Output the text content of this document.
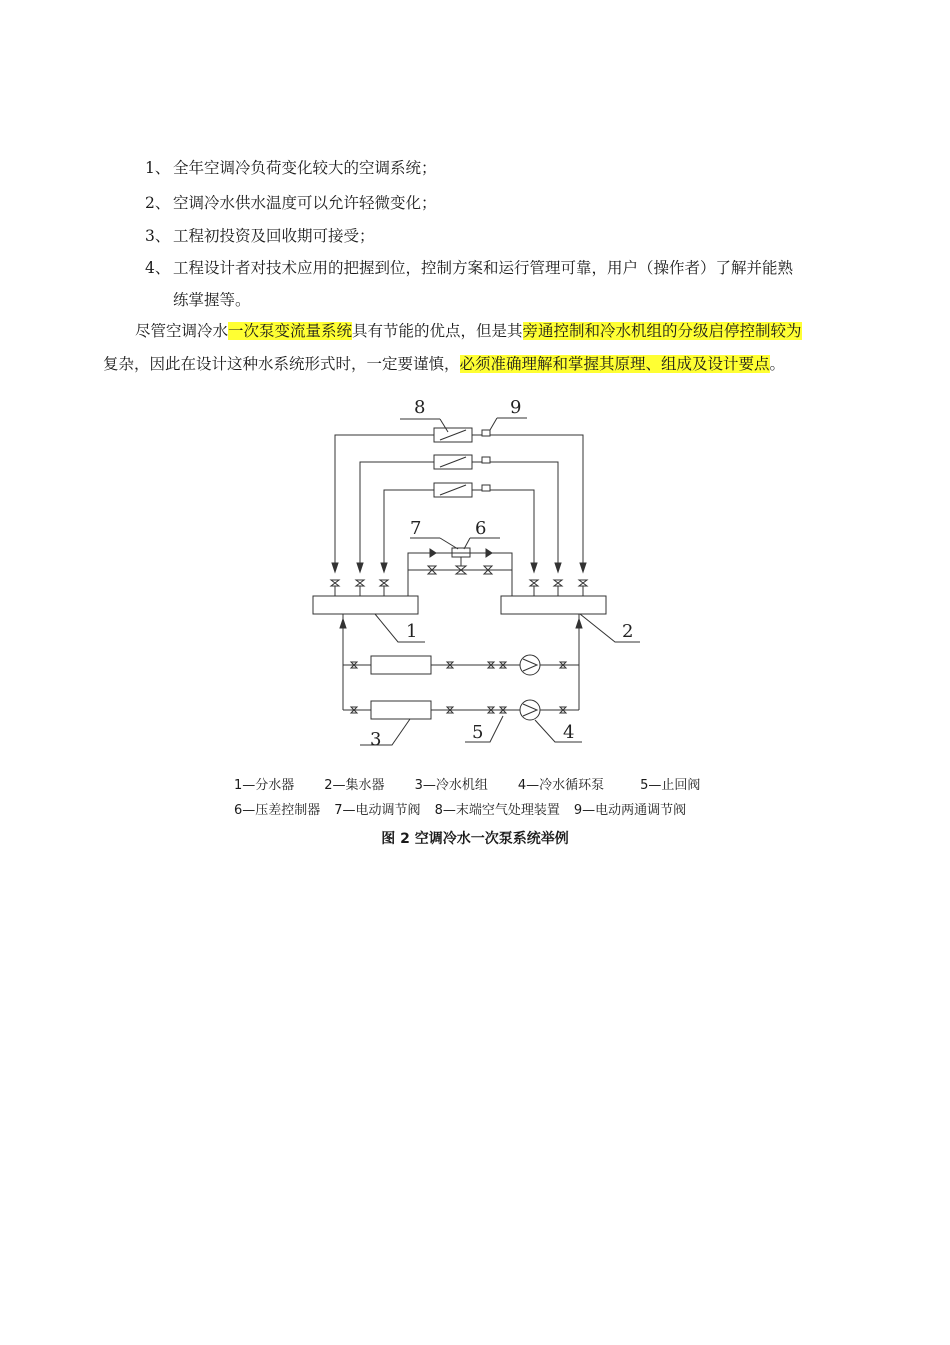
1、 全年空调冷负荷变化较大的空调系统；
2、 空调冷水供水温度可以允许轻微变化；
3、 工程初投资及回收期可接受；
4、 工程设计者对技术应用的把握到位，控制方案和运行管理可靠，用户（操作者）了解并能熟
练掌握等。
尽管空调冷水一次泵变流量系统具有节能的优点，但是其旁通控制和冷水机组的分级启停控制较为
复杂，因此在设计这种水系统形式时，一定要谨慎，必须准确理解和掌握其原理、组成及设计要点。
8	9
7	6
1	2
3	5	4
1—分水器 2—集水器 3—冷水机组 4—冷水循环泵	5—止回阀
6—压差控制器 7—电动调节阀 8—末端空气处理装置 9—电动两通调节阀
图 2 空调冷水一次泵系统举例
